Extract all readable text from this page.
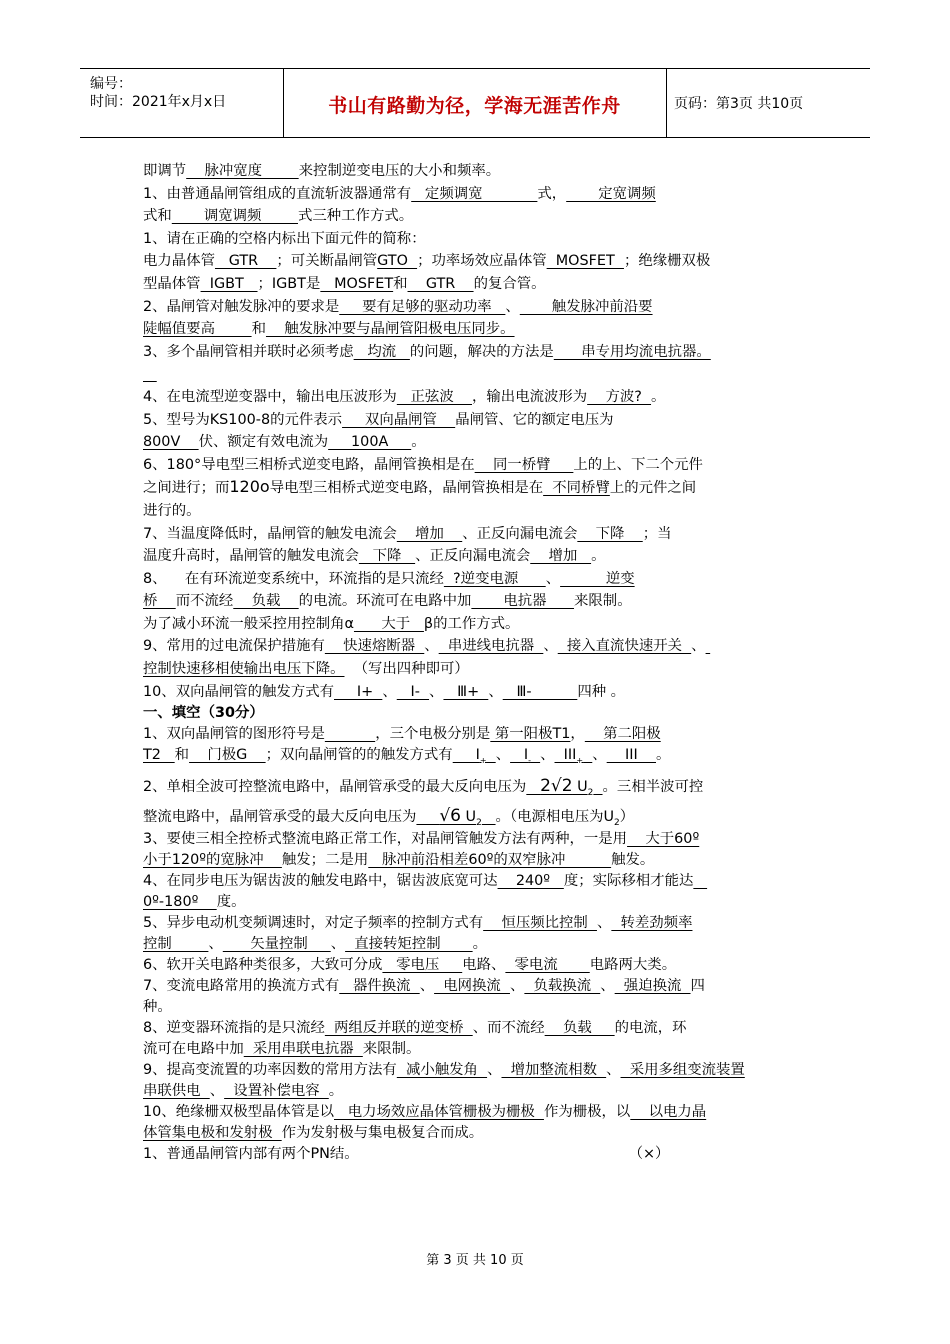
编号：
时间：2021年x月x日	书山有路勤为径，学海无涯苦作舟	页码：第3页 共10页

即调节    脉冲宽度        来控制逆变电压的大小和频率。

1、由普通晶闸管组成的直流斩波器通常有   定频调宽            式，       定宽调频

式和       调宽调频        式三种工作方式。

1、请在正确的空格内标出下面元件的简称：

电力晶体管   GTR    ；可关断晶闸管GTO  ；功率场效应晶体管  MOSFET  ；绝缘栅双极

型晶体管  IGBT   ；IGBT是   MOSFET和    GTR    的复合管。

2、晶闸管对触发脉冲的要求是     要有足够的驱动功率   、       触发脉冲前沿要

陡幅值要高        和    触发脉冲要与晶闸管阳极电压同步。

3、多个晶闸管相并联时必须考虑   均流   的问题，解决的方法是      串专用均流电抗器。

4、在电流型逆变器中，输出电压波形为   正弦波    ，输出电流波形为    方波?  。

5、型号为KS100-8的元件表示     双向晶闸管    晶闸管、它的额定电压为

800V    伏、额定有效电流为     100A     。

6、180°导电型三相桥式逆变电路，晶闸管换相是在    同一桥臂     上的上、下二个元件

之间进行；而120o导电型三相桥式逆变电路，晶闸管换相是在  不同桥臂上的元件之间

进行的。

7、当温度降低时，晶闸管的触发电流会    增加    、正反向漏电流会    下降    ；当

温度升高时，晶闸管的触发电流会   下降   、正反向漏电流会    增加   。

8、    在有环流逆变系统中，环流指的是只流经  ?逆变电源      、          逆变

桥    而不流经    负载    的电流。环流可在电路中加       电抗器      来限制。

为了减小环流一般采控用控制角α      大于   β的工作方式。

9、常用的过电流保护措施有    快速熔断器  、  串进线电抗器  、  接入直流快速开关  、

控制快速移相使输出电压下降。  （写出四种即可）

10、双向晶闸管的触发方式有     Ⅰ+  、   Ⅰ-  、   Ⅲ+  、   Ⅲ-          四种 。

一、填空（30分）

1、双向晶闸管的图形符号是	，三个电极分别是 第一阳极T1，    第二阳极

T2   和    门极G    ；双向晶闸管的的触发方式有     $I_+$ 、   $I_-$ 、  $III_+$ 、    III    。

2、单相全波可控整流电路中，晶闸管承受的最大反向电压为 2√2 $U_2$ 。三相半波可控

整流电路中，晶闸管承受的最大反向电压为 √6 $U_2$ 。（电源相电压为$U_2$）

3、要使三相全控桥式整流电路正常工作，对晶闸管触发方法有两种，一是用    大于60º

小于120º的宽脉冲    触发；二是用   脉冲前沿相差60º的双窄脉冲          触发。

4、在同步电压为锯齿波的触发电路中，锯齿波底宽可达    240º   度；实际移相才能达

0º-180º    度。

5、异步电动机变频调速时，对定子频率的控制方式有    恒压频比控制  、  转差劲频率

控制        、      矢量控制     、  直接转矩控制       。

6、软开关电路种类很多，大致可分成   零电压     电路、  零电流       电路两大类。

7、变流电路常用的换流方式有   器件换流  、  电网换流  、  负载换流  、  强迫换流  四

种。

8、逆变器环流指的是只流经  两组反并联的逆变桥  、而不流经    负载     的电流，环

流可在电路中加  采用串联电抗器  来限制。

9、提高变流置的功率因数的常用方法有  减小触发角  、  增加整流相数  、  采用多组变流装置

串联供电  、  设置补偿电容  。

10、绝缘栅双极型晶体管是以   电力场效应晶体管栅极为栅极  作为栅极，以    以电力晶

体管集电极和发射极  作为发射极与集电极复合而成。

1、普通晶闸管内部有两个PN结。                                                           （×）

第 3 页 共 10 页
